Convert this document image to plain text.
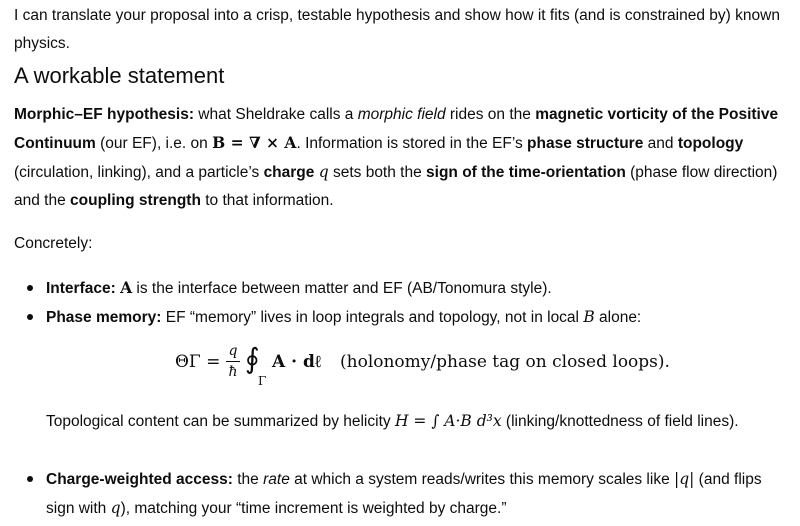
I can translate your proposal into a crisp, testable hypothesis and show how it fits (and is constrained by) known physics.

A workable statement

Morphic–EF hypothesis: what Sheldrake calls a morphic field rides on the magnetic vorticity of the Positive Continuum (our EF), i.e. on B = ∇ × A. Information is stored in the EF’s phase structure and topology (circulation, linking), and a particle’s charge q sets both the sign of the time-orientation (phase flow direction) and the coupling strength to that information.

Concretely:

Interface: A is the interface between matter and EF (AB/Tonomura style).

Phase memory: EF “memory” lives in loop integrals and topology, not in local B alone:

ΘΓ =
q
ħ ∮
Γ
A · dℓ (holonomy/phase tag on closed loops).

Topological content can be summarized by helicity H = ∫ A·B d³x (linking/knottedness of field lines).

Charge-weighted access: the rate at which a system reads/writes this memory scales like |q| (and flips sign with q), matching your “time increment is weighted by charge.”
